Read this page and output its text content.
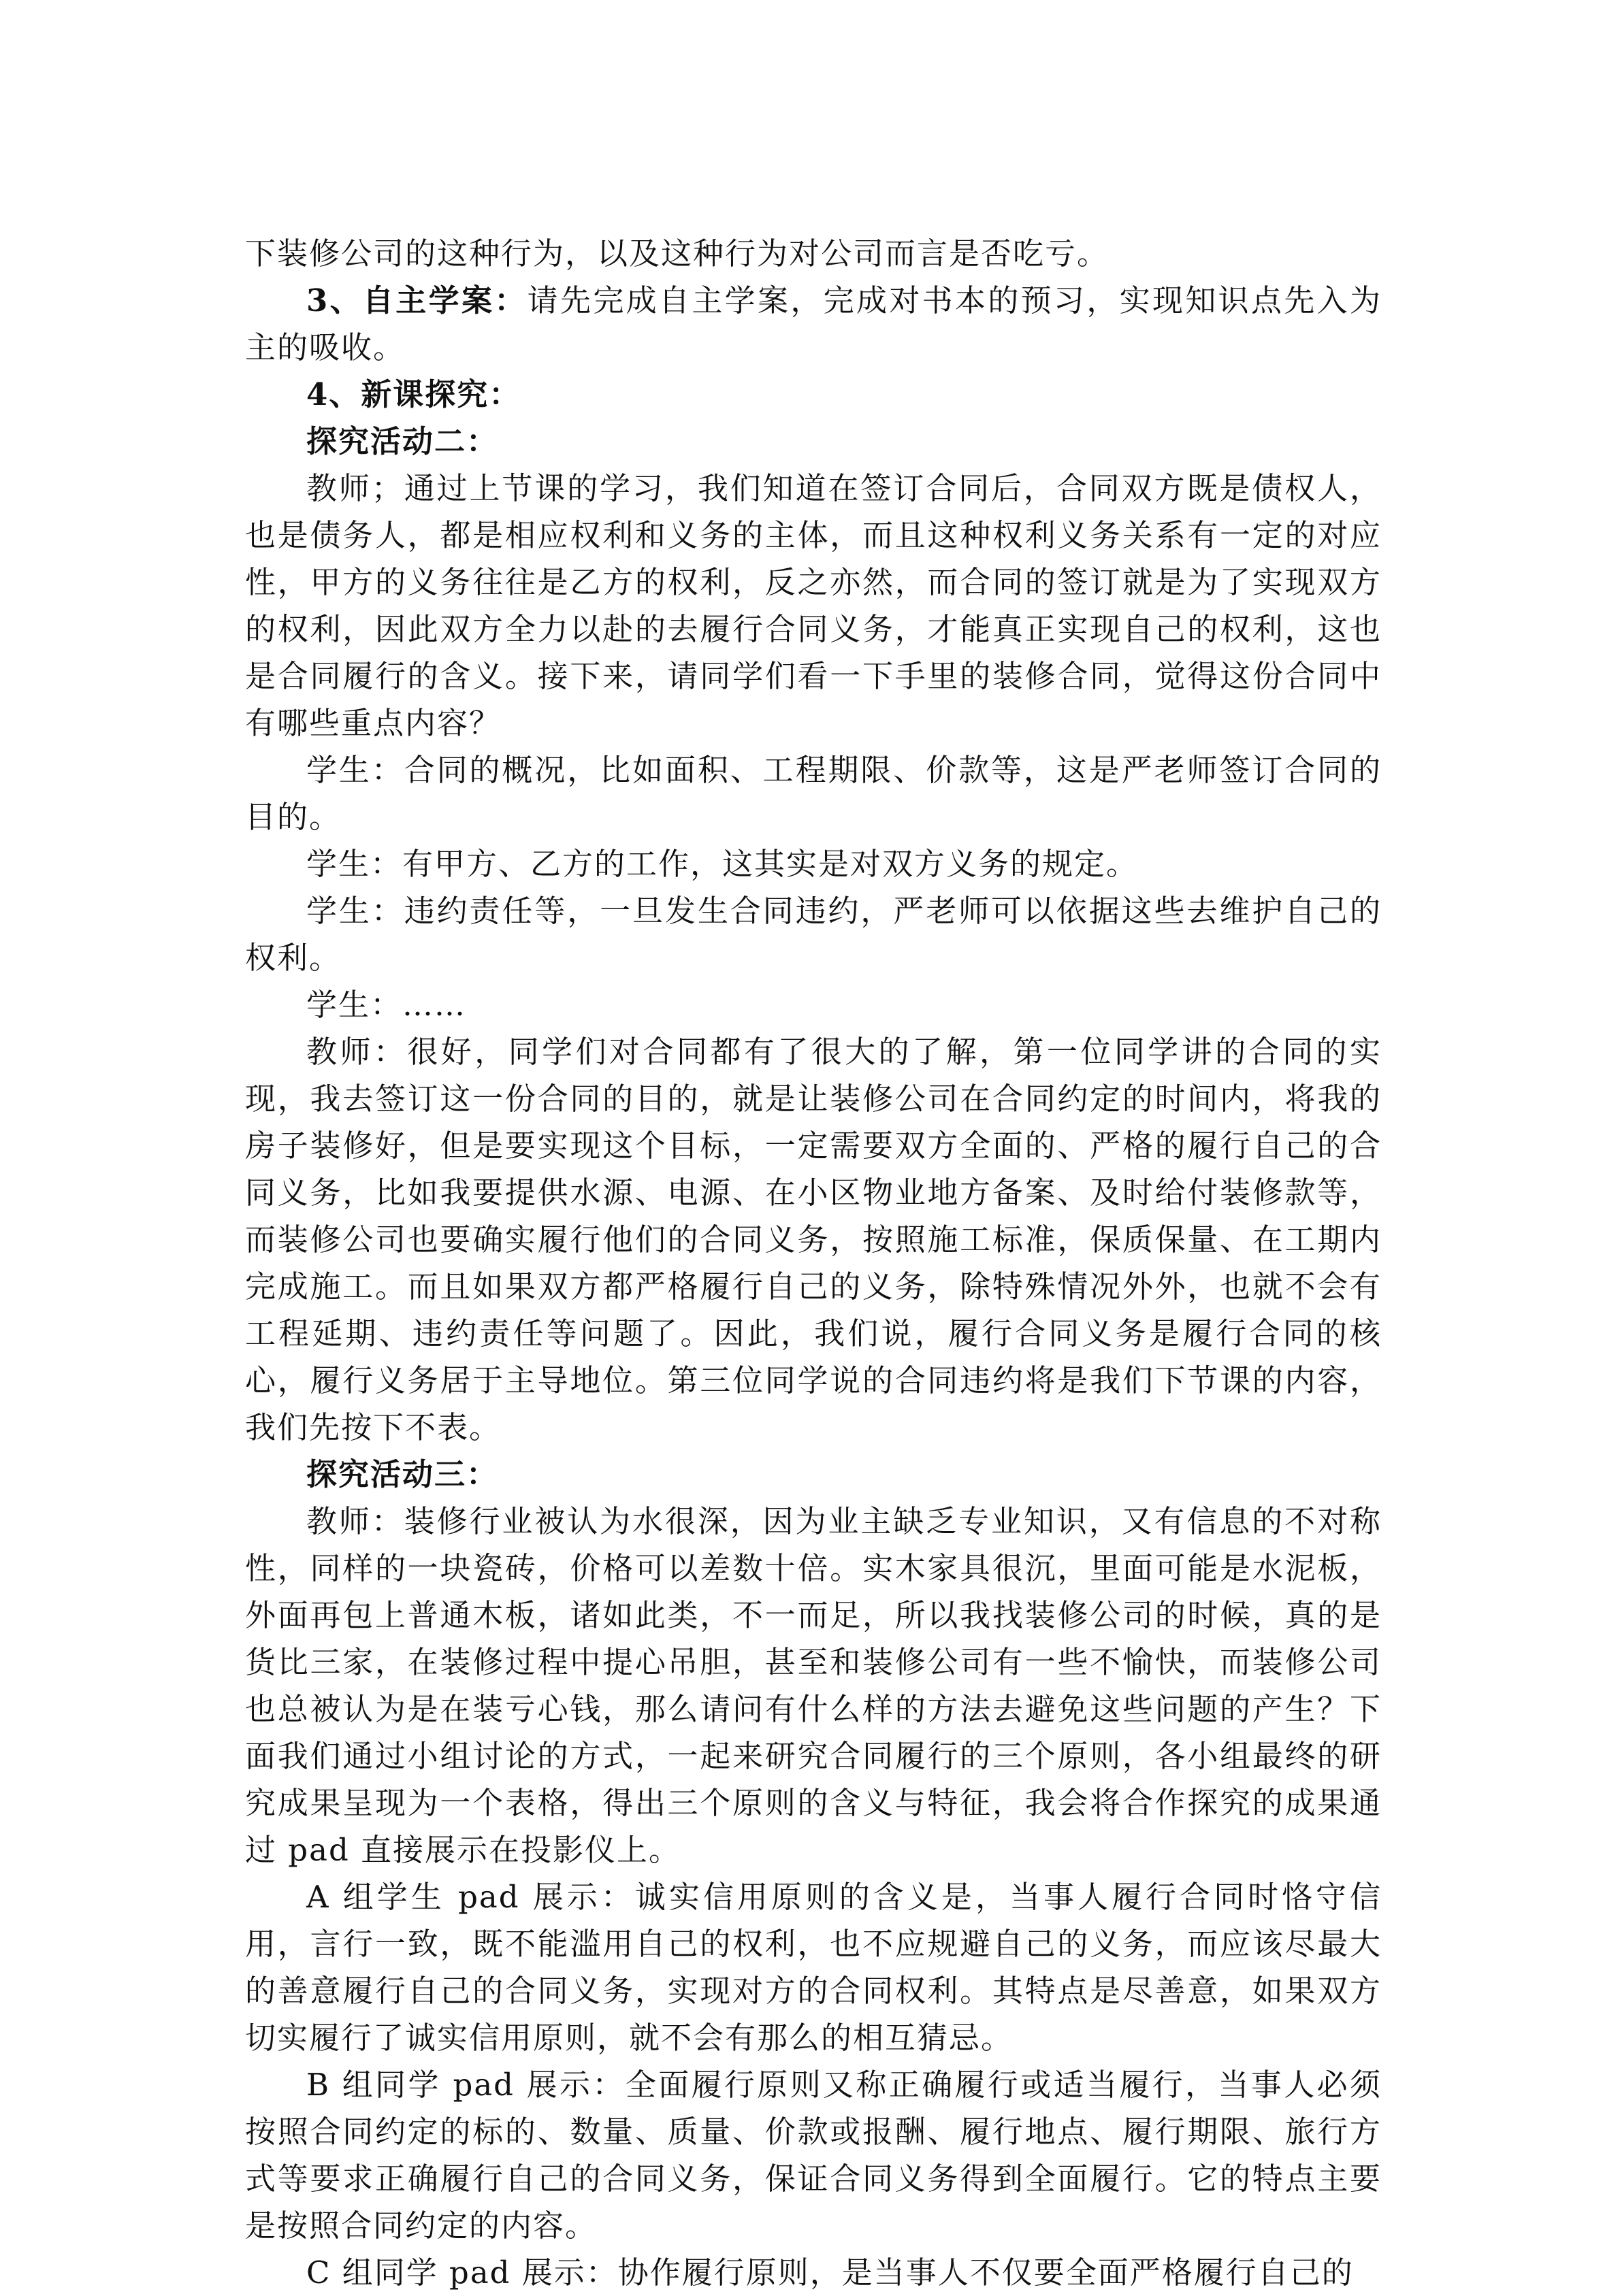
下装修公司的这种行为，以及这种行为对公司而言是否吃亏。

3、自主学案：请先完成自主学案，完成对书本的预习，实现知识点先入为主的吸收。

4、新课探究：

探究活动二：

教师；通过上节课的学习，我们知道在签订合同后，合同双方既是债权人，也是债务人，都是相应权利和义务的主体，而且这种权利义务关系有一定的对应性，甲方的义务往往是乙方的权利，反之亦然，而合同的签订就是为了实现双方的权利，因此双方全力以赴的去履行合同义务，才能真正实现自己的权利，这也是合同履行的含义。接下来，请同学们看一下手里的装修合同，觉得这份合同中有哪些重点内容？

学生：合同的概况，比如面积、工程期限、价款等，这是严老师签订合同的目的。

学生：有甲方、乙方的工作，这其实是对双方义务的规定。

学生：违约责任等，一旦发生合同违约，严老师可以依据这些去维护自己的权利。

学生：……

教师：很好，同学们对合同都有了很大的了解，第一位同学讲的合同的实现，我去签订这一份合同的目的，就是让装修公司在合同约定的时间内，将我的房子装修好，但是要实现这个目标，一定需要双方全面的、严格的履行自己的合同义务，比如我要提供水源、电源、在小区物业地方备案、及时给付装修款等，而装修公司也要确实履行他们的合同义务，按照施工标准，保质保量、在工期内完成施工。而且如果双方都严格履行自己的义务，除特殊情况外外，也就不会有工程延期、违约责任等问题了。因此，我们说，履行合同义务是履行合同的核心，履行义务居于主导地位。第三位同学说的合同违约将是我们下节课的内容，我们先按下不表。

探究活动三：

教师：装修行业被认为水很深，因为业主缺乏专业知识，又有信息的不对称性，同样的一块瓷砖，价格可以差数十倍。实木家具很沉，里面可能是水泥板，外面再包上普通木板，诸如此类，不一而足，所以我找装修公司的时候，真的是货比三家，在装修过程中提心吊胆，甚至和装修公司有一些不愉快，而装修公司也总被认为是在装亏心钱，那么请问有什么样的方法去避免这些问题的产生？下面我们通过小组讨论的方式，一起来研究合同履行的三个原则，各小组最终的研究成果呈现为一个表格，得出三个原则的含义与特征，我会将合作探究的成果通过 pad 直接展示在投影仪上。

A 组学生 pad 展示：诚实信用原则的含义是，当事人履行合同时恪守信用，言行一致，既不能滥用自己的权利，也不应规避自己的义务，而应该尽最大的善意履行自己的合同义务，实现对方的合同权利。其特点是尽善意，如果双方切实履行了诚实信用原则，就不会有那么的相互猜忌。

B 组同学 pad 展示：全面履行原则又称正确履行或适当履行，当事人必须按照合同约定的标的、数量、质量、价款或报酬、履行地点、履行期限、旅行方式等要求正确履行自己的合同义务，保证合同义务得到全面履行。它的特点主要是按照合同约定的内容。

C 组同学 pad 展示：协作履行原则，是当事人不仅要全面严格履行自己的
